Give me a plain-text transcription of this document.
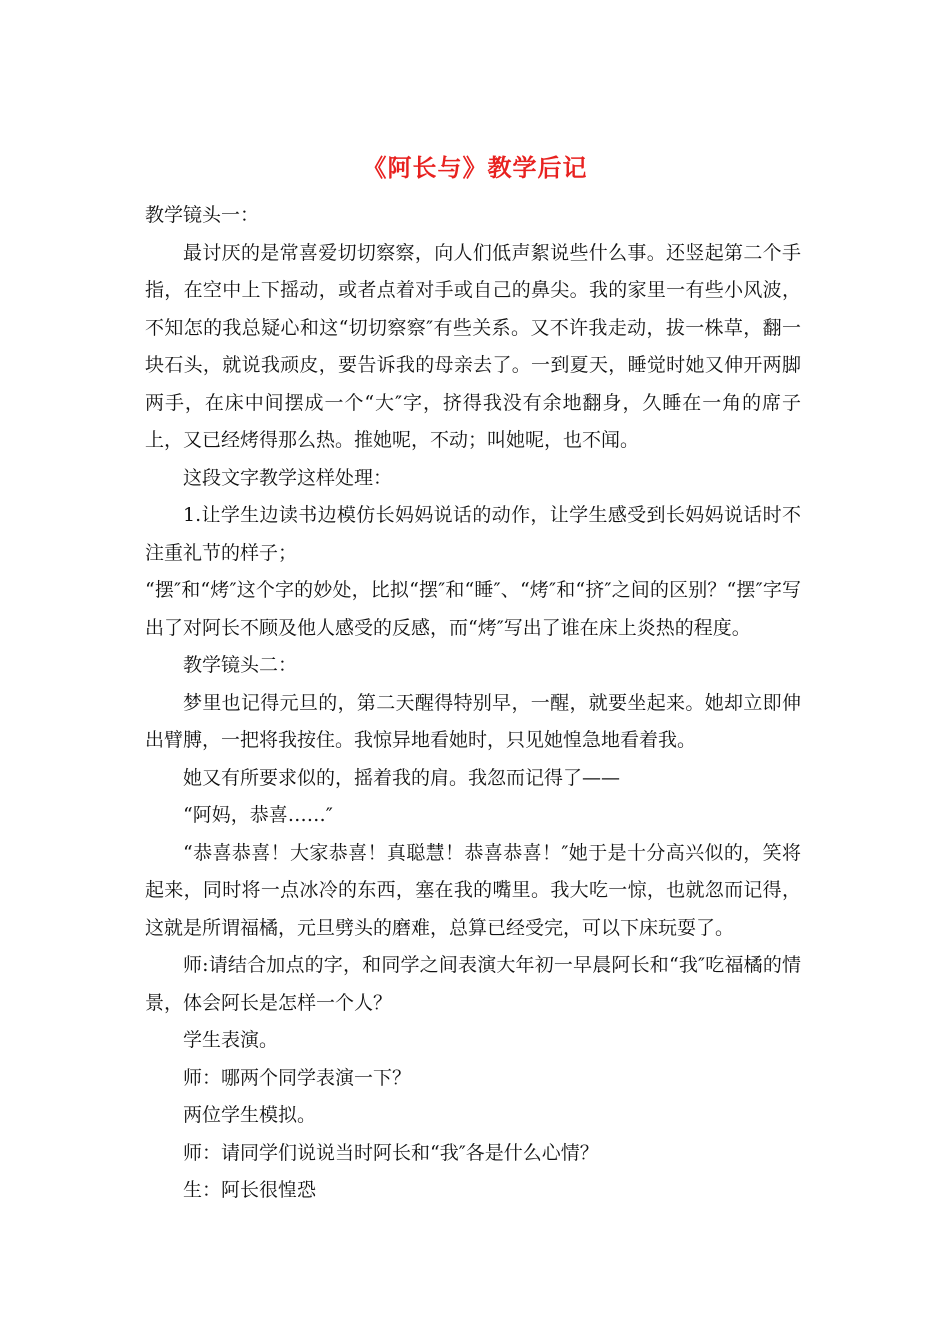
《阿长与》教学后记

教学镜头一：

最讨厌的是常喜爱切切察察，向人们低声絮说些什么事。还竖起第二个手指，在空中上下摇动，或者点着对手或自己的鼻尖。我的家里一有些小风波，不知怎的我总疑心和这“切切察察″有些关系。又不许我走动，拔一株草，翻一块石头，就说我顽皮，要告诉我的母亲去了。一到夏天，睡觉时她又伸开两脚两手，在床中间摆成一个“大″字，挤得我没有余地翻身，久睡在一角的席子上，又已经烤得那么热。推她呢，不动；叫她呢，也不闻。

这段文字教学这样处理：

1.让学生边读书边模仿长妈妈说话的动作，让学生感受到长妈妈说话时不注重礼节的样子；

“摆″和“烤″这个字的妙处，比拟“摆″和“睡″、“烤″和“挤″之间的区别？“摆″字写出了对阿长不顾及他人感受的反感，而“烤″写出了谁在床上炎热的程度。

教学镜头二：

梦里也记得元旦的，第二天醒得特别早，一醒，就要坐起来。她却立即伸出臂膊，一把将我按住。我惊异地看她时，只见她惶急地看着我。

她又有所要求似的，摇着我的肩。我忽而记得了——

“阿妈，恭喜……″

“恭喜恭喜！大家恭喜！真聪慧！恭喜恭喜！″她于是十分高兴似的，笑将起来，同时将一点冰冷的东西，塞在我的嘴里。我大吃一惊，也就忽而记得，这就是所谓福橘，元旦劈头的磨难，总算已经受完，可以下床玩耍了。

师:请结合加点的字，和同学之间表演大年初一早晨阿长和“我″吃福橘的情景，体会阿长是怎样一个人？

学生表演。

师：哪两个同学表演一下？

两位学生模拟。

师：请同学们说说当时阿长和“我″各是什么心情？

生：阿长很惶恐
